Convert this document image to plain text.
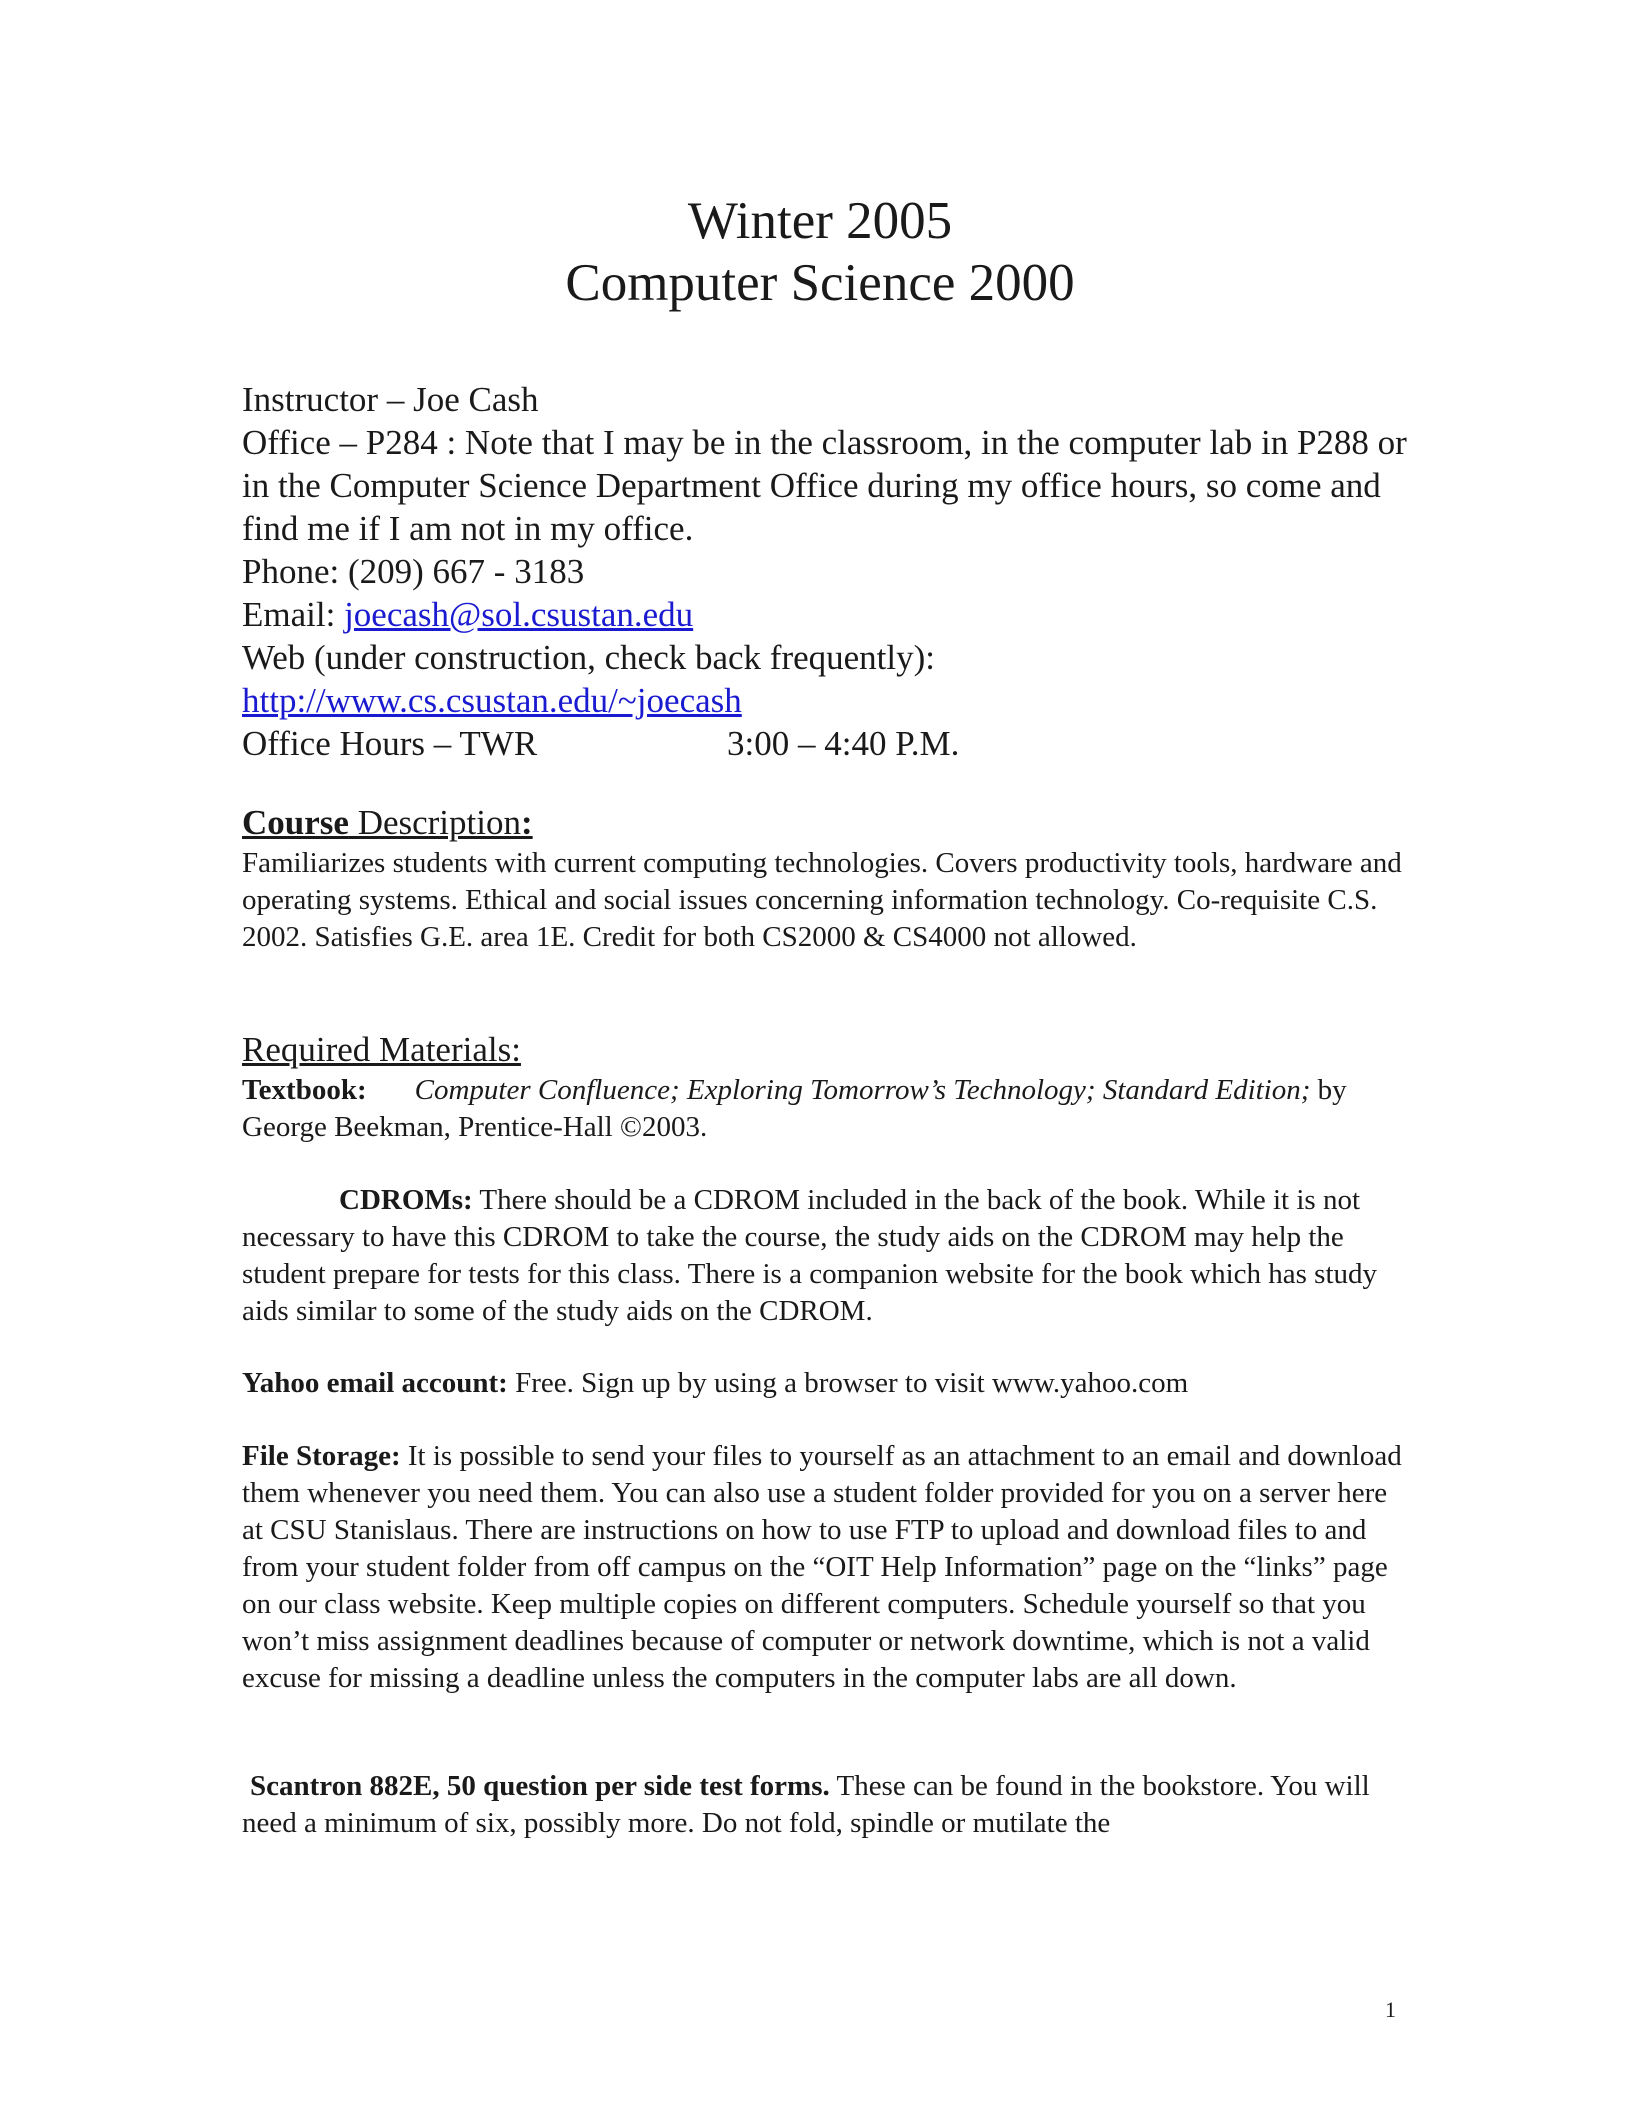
Winter 2005
Computer Science 2000
Instructor – Joe Cash
Office – P284 : Note that I may be in the classroom, in the computer lab in P288 or in the Computer Science Department Office during my office hours, so come and find me if I am not in my office.
Phone: (209) 667 - 3183
Email: joecash@sol.csustan.edu
Web (under construction, check back frequently):
http://www.cs.csustan.edu/~joecash
Office Hours – TWR	3:00 – 4:40 P.M.
Course Description:
Familiarizes students with current computing technologies. Covers productivity tools, hardware and operating systems. Ethical and social issues concerning information technology. Co-requisite C.S. 2002. Satisfies G.E. area 1E. Credit for both CS2000 & CS4000 not allowed.
Required Materials:
Textbook: Computer Confluence; Exploring Tomorrow’s Technology; Standard Edition; by George Beekman, Prentice-Hall ©2003.
CDROMs: There should be a CDROM included in the back of the book. While it is not necessary to have this CDROM to take the course, the study aids on the CDROM may help the student prepare for tests for this class. There is a companion website for the book which has study aids similar to some of the study aids on the CDROM.
Yahoo email account: Free. Sign up by using a browser to visit www.yahoo.com
File Storage: It is possible to send your files to yourself as an attachment to an email and download them whenever you need them. You can also use a student folder provided for you on a server here at CSU Stanislaus. There are instructions on how to use FTP to upload and download files to and from your student folder from off campus on the “OIT Help Information” page on the “links” page on our class website. Keep multiple copies on different computers. Schedule yourself so that you won’t miss assignment deadlines because of computer or network downtime, which is not a valid excuse for missing a deadline unless the computers in the computer labs are all down.
Scantron 882E, 50 question per side test forms. These can be found in the bookstore. You will need a minimum of six, possibly more. Do not fold, spindle or mutilate the
1
